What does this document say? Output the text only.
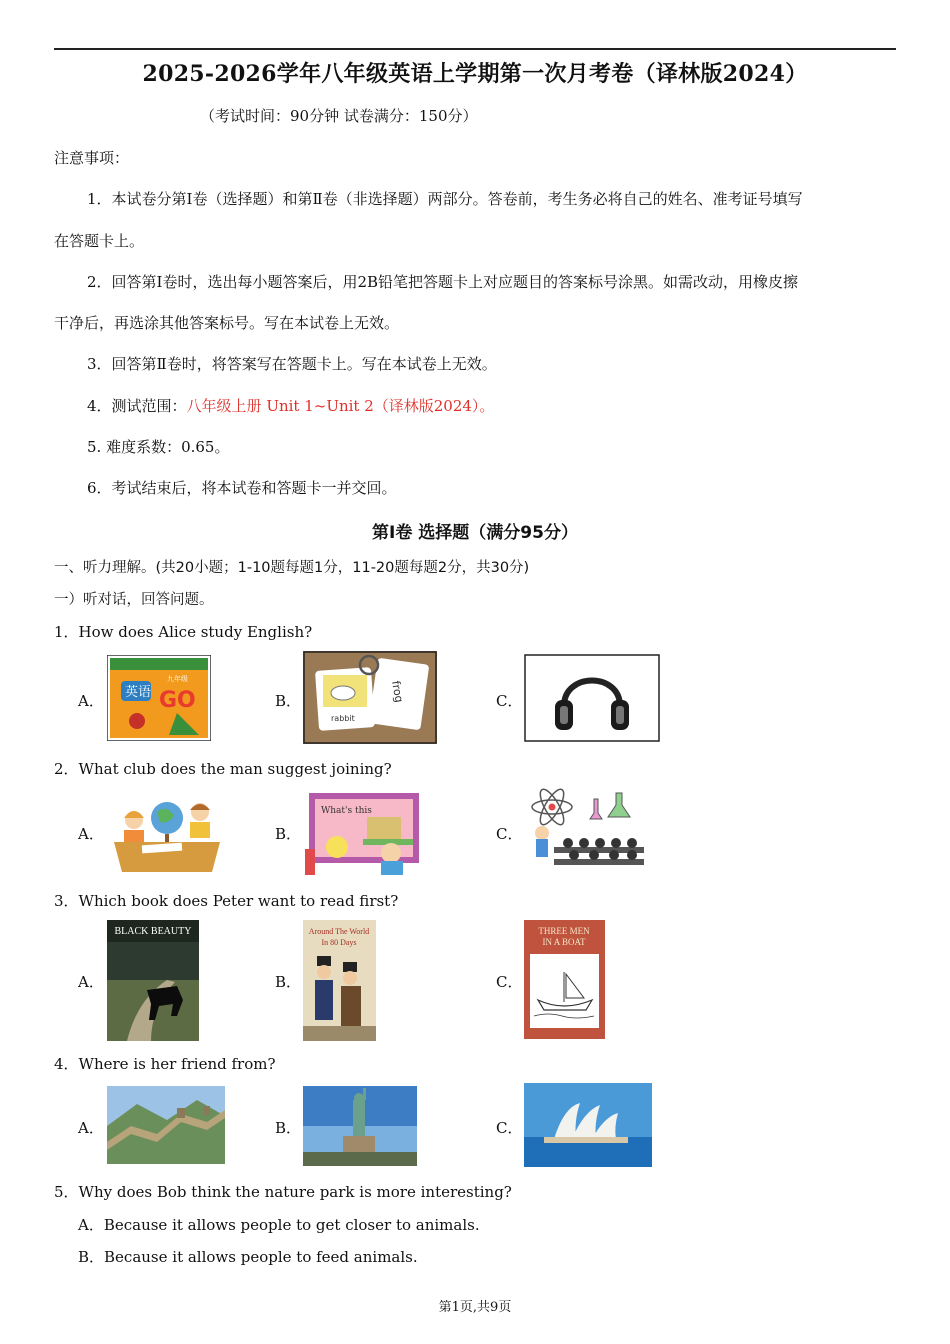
2025-2026学年八年级英语上学期第一次月考卷（译林版2024）
（考试时间：90分钟 试卷满分：150分）
注意事项：
1．本试卷分第Ⅰ卷（选择题）和第Ⅱ卷（非选择题）两部分。答卷前，考生务必将自己的姓名、准考证号填写
在答题卡上。
2．回答第Ⅰ卷时，选出每小题答案后，用2B铅笔把答题卡上对应题目的答案标号涂黑。如需改动，用橡皮擦
干净后，再选涂其他答案标号。写在本试卷上无效。
3．回答第Ⅱ卷时，将答案写在答题卡上。写在本试卷上无效。
4．测试范围：八年级上册 Unit 1~Unit 2（译林版2024）。
5. 难度系数：0.65。
6．考试结束后，将本试卷和答题卡一并交回。
第Ⅰ卷 选择题（满分95分）
一、听力理解。(共20小题；1-10题每题1分，11-20题每题2分，共30分)
一）听对话，回答问题。
1．How does Alice study English?
A． 英语
九年级
GO	B．	frog
rabbit
C．
2．What club does the man suggest joining?
A．	B．
What's this
C．
3．Which book does Peter want to read first?
A．
BLACK BEAUTY
B．
Around The World
In 80 Days
C．
THREE MEN
IN A BOAT
4．Where is her friend from?
A．	B．	C．
5．Why does Bob think the nature park is more interesting?
A．Because it allows people to get closer to animals.
B．Because it allows people to feed animals.
第1页,共9页
